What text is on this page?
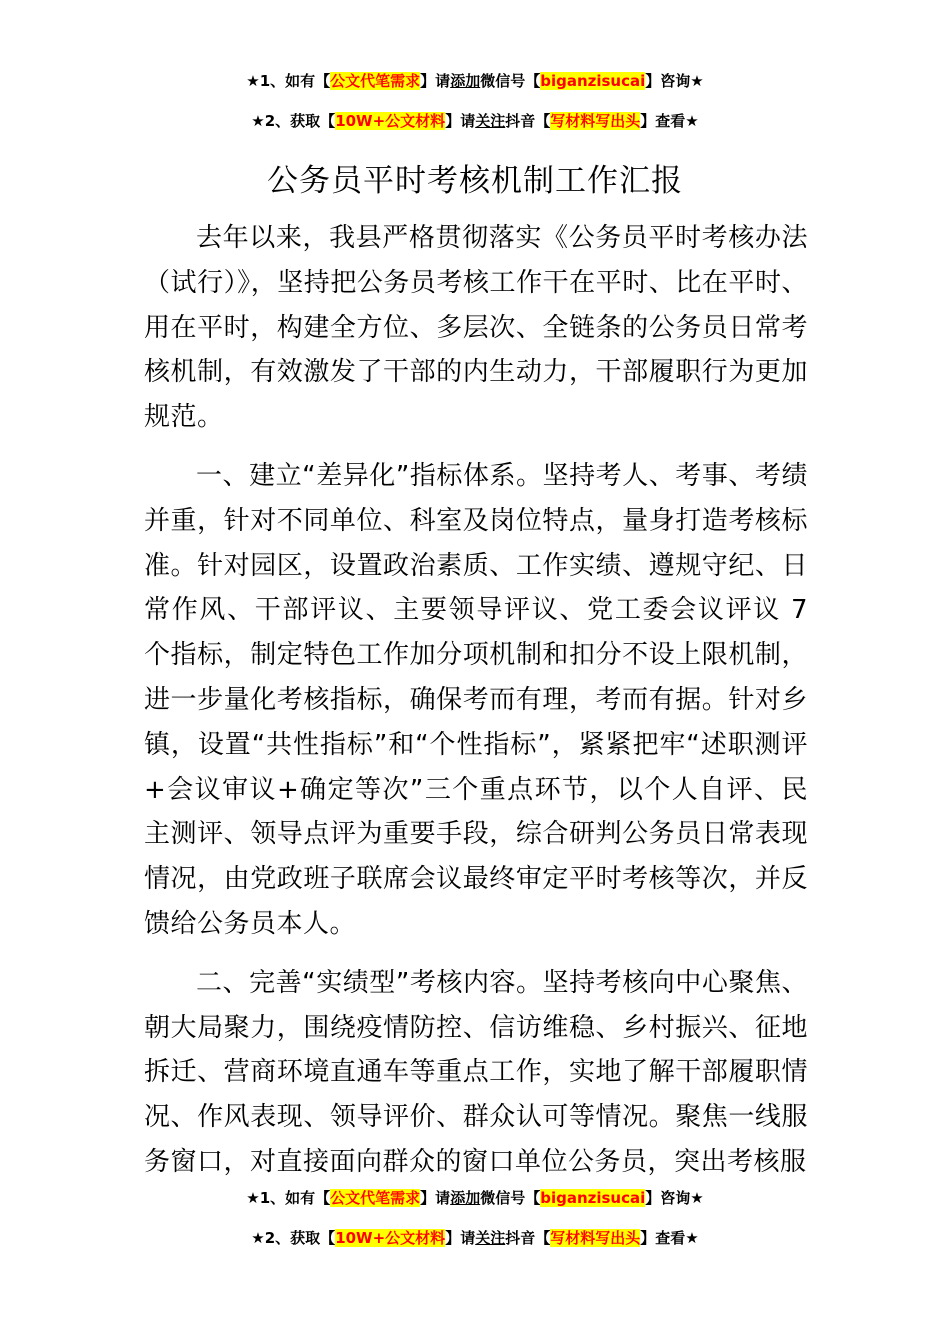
★1、如有【公文代笔需求】请添加微信号【biganzisucai】咨询★
★2、获取【10W+公文材料】请关注抖音【写材料写出头】查看★
公务员平时考核机制工作汇报

去年以来，我县严格贯彻落实《公务员平时考核办法（试行）》，坚持把公务员考核工作干在平时、比在平时、用在平时，构建全方位、多层次、全链条的公务员日常考核机制，有效激发了干部的内生动力，干部履职行为更加规范。

一、建立“差异化”指标体系。坚持考人、考事、考绩并重，针对不同单位、科室及岗位特点，量身打造考核标准。针对园区，设置政治素质、工作实绩、遵规守纪、日常作风、干部评议、主要领导评议、党工委会议评议 7 个指标，制定特色工作加分项机制和扣分不设上限机制，进一步量化考核指标，确保考而有理，考而有据。针对乡镇，设置“共性指标”和“个性指标”，紧紧把牢“述职测评+会议审议+确定等次”三个重点环节，以个人自评、民主测评、领导点评为重要手段，综合研判公务员日常表现情况，由党政班子联席会议最终审定平时考核等次，并反馈给公务员本人。

二、完善“实绩型”考核内容。坚持考核向中心聚焦、朝大局聚力，围绕疫情防控、信访维稳、乡村振兴、征地拆迁、营商环境直通车等重点工作，实地了解干部履职情况、作风表现、领导评价、群众认可等情况。聚焦一线服务窗口，对直接面向群众的窗口单位公务员，突出考核服

★1、如有【公文代笔需求】请添加微信号【biganzisucai】咨询★
★2、获取【10W+公文材料】请关注抖音【写材料写出头】查看★
